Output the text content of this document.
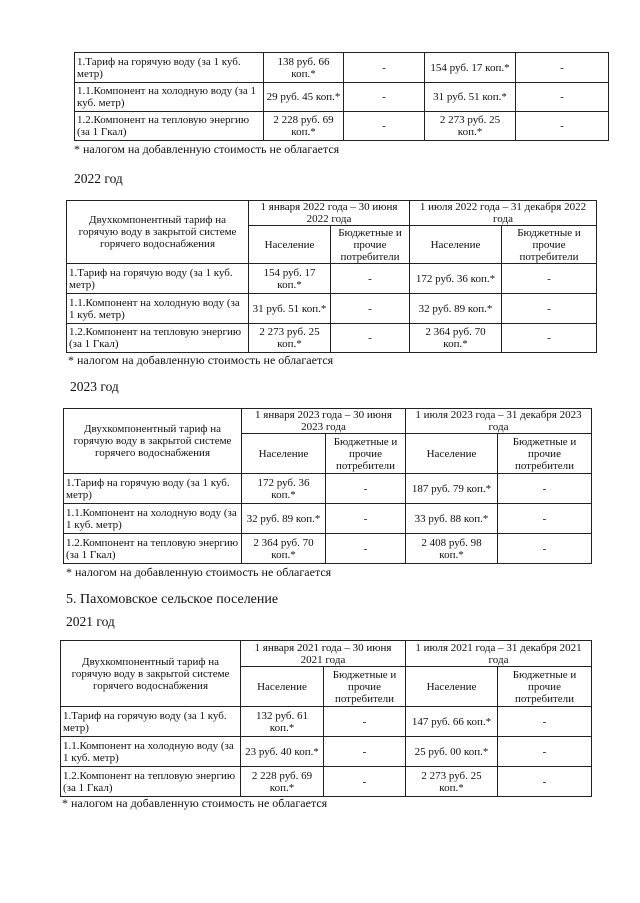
1.Тариф на горячую воду (за 1 куб. метр)	138 руб. 66 коп.*	-	154 руб. 17 коп.*	-
1.1.Компонент на холодную воду (за 1 куб. метр)	29 руб. 45 коп.*	-	31 руб. 51 коп.*	-
1.2.Компонент на тепловую энергию (за 1 Гкал)	2 228 руб. 69 коп.*	-	2 273 руб. 25 коп.*	-
* налогом на добавленную стоимость не облагается
2022 год
Двухкомпонентный тариф на горячую воду в закрытой системе горячего водоснабжения	1 января 2022 года – 30 июня 2022 года		1 июля 2022 года – 31 декабря 2022 года	
	Население	Бюджетные и прочие потребители	Население	Бюджетные и прочие потребители
1.Тариф на горячую воду (за 1 куб. метр)	154 руб. 17 коп.*	-	172 руб. 36 коп.*	-
1.1.Компонент на холодную воду (за 1 куб. метр)	31 руб. 51 коп.*	-	32 руб. 89 коп.*	-
1.2.Компонент на тепловую энергию (за 1 Гкал)	2 273 руб. 25 коп.*	-	2 364 руб. 70 коп.*	-
* налогом на добавленную стоимость не облагается
2023 год
Двухкомпонентный тариф на горячую воду в закрытой системе горячего водоснабжения	1 января 2023 года – 30 июня 2023 года		1 июля 2023 года – 31 декабря 2023 года	
	Население	Бюджетные и прочие потребители	Население	Бюджетные и прочие потребители
1.Тариф на горячую воду (за 1 куб. метр)	172 руб. 36 коп.*	-	187 руб. 79 коп.*	-
1.1.Компонент на холодную воду (за 1 куб. метр)	32 руб. 89 коп.*	-	33 руб. 88 коп.*	-
1.2.Компонент на тепловую энергию (за 1 Гкал)	2 364 руб. 70 коп.*	-	2 408 руб. 98 коп.*	-
* налогом на добавленную стоимость не облагается
5. Пахомовское сельское поселение
2021 год
Двухкомпонентный тариф на горячую воду в закрытой системе горячего водоснабжения	1 января 2021 года – 30 июня 2021 года		1 июля 2021 года – 31 декабря 2021 года	
	Население	Бюджетные и прочие потребители	Население	Бюджетные и прочие потребители
1.Тариф на горячую воду (за 1 куб. метр)	132 руб. 61 коп.*	-	147 руб. 66 коп.*	-
1.1.Компонент на холодную воду (за 1 куб. метр)	23 руб. 40 коп.*	-	25 руб. 00 коп.*	-
1.2.Компонент на тепловую энергию (за 1 Гкал)	2 228 руб. 69 коп.*	-	2 273 руб. 25 коп.*	-
* налогом на добавленную стоимость не облагается
